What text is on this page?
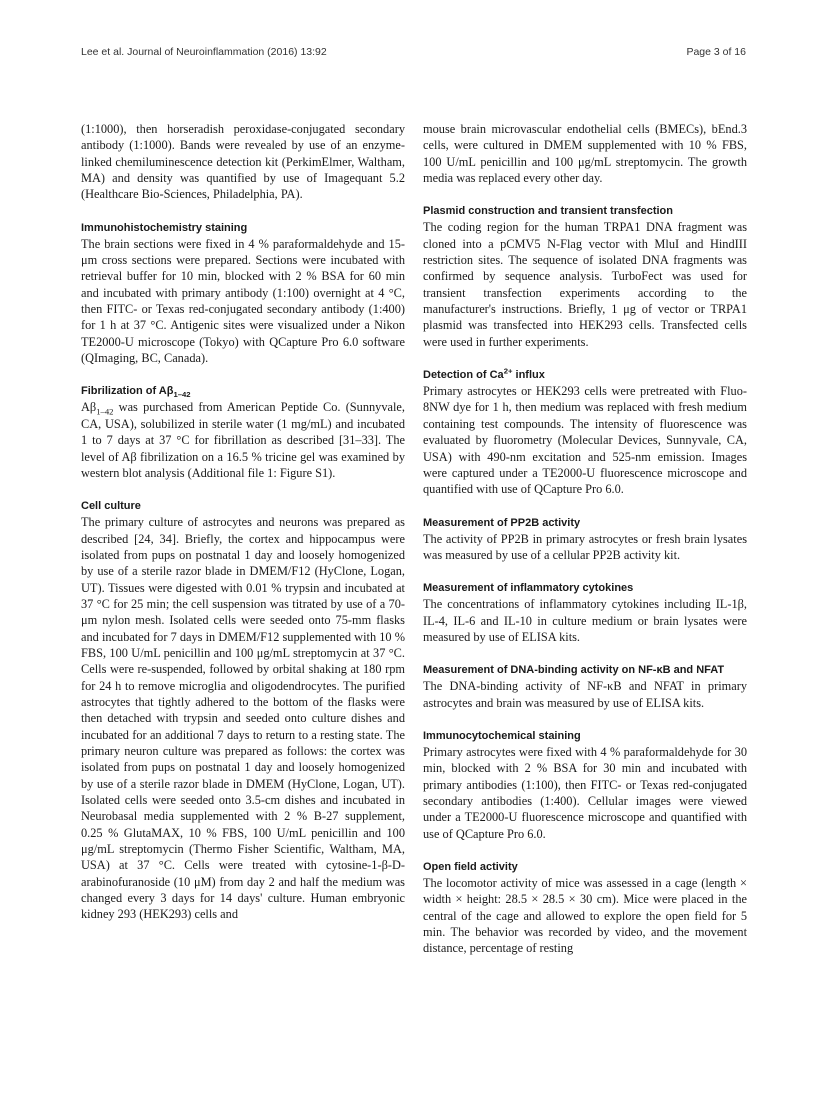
Lee et al. Journal of Neuroinflammation (2016) 13:92	Page 3 of 16

(1:1000), then horseradish peroxidase-conjugated secondary antibody (1:1000). Bands were revealed by use of an enzyme-linked chemiluminescence detection kit (PerkimElmer, Waltham, MA) and density was quantified by use of Imagequant 5.2 (Healthcare Bio-Sciences, Philadelphia, PA).

Immunohistochemistry staining

The brain sections were fixed in 4 % paraformaldehyde and 15-μm cross sections were prepared. Sections were incubated with retrieval buffer for 10 min, blocked with 2 % BSA for 60 min and incubated with primary antibody (1:100) overnight at 4 °C, then FITC- or Texas red-conjugated secondary antibody (1:400) for 1 h at 37 °C. Antigenic sites were visualized under a Nikon TE2000-U microscope (Tokyo) with QCapture Pro 6.0 software (QImaging, BC, Canada).

Fibrilization of $A\beta_{1-42}$

$A\beta_{1-42}$ was purchased from American Peptide Co. (Sunnyvale, CA, USA), solubilized in sterile water (1 mg/mL) and incubated 1 to 7 days at 37 °C for fibrillation as described [31–33]. The level of Aβ fibrilization on a 16.5 % tricine gel was examined by western blot analysis (Additional file 1: Figure S1).

Cell culture

The primary culture of astrocytes and neurons was prepared as described [24, 34]. Briefly, the cortex and hippocampus were isolated from pups on postnatal 1 day and loosely homogenized by use of a sterile razor blade in DMEM/F12 (HyClone, Logan, UT). Tissues were digested with 0.01 % trypsin and incubated at 37 °C for 25 min; the cell suspension was titrated by use of a 70-μm nylon mesh. Isolated cells were seeded onto 75-mm flasks and incubated for 7 days in DMEM/F12 supplemented with 10 % FBS, 100 U/mL penicillin and 100 μg/mL streptomycin at 37 °C. Cells were re-suspended, followed by orbital shaking at 180 rpm for 24 h to remove microglia and oligodendrocytes. The purified astrocytes that tightly adhered to the bottom of the flasks were then detached with trypsin and seeded onto culture dishes and incubated for an additional 7 days to return to a resting state. The primary neuron culture was prepared as follows: the cortex was isolated from pups on postnatal 1 day and loosely homogenized by use of a sterile razor blade in DMEM (HyClone, Logan, UT). Isolated cells were seeded onto 3.5-cm dishes and incubated in Neurobasal media supplemented with 2 % B-27 supplement, 0.25 % GlutaMAX, 10 % FBS, 100 U/mL penicillin and 100 μg/mL streptomycin (Thermo Fisher Scientific, Waltham, MA, USA) at 37 °C. Cells were treated with cytosine-1-β-D-arabinofuranoside (10 μM) from day 2 and half the medium was changed every 3 days for 14 days' culture. Human embryonic kidney 293 (HEK293) cells and

mouse brain microvascular endothelial cells (BMECs), bEnd.3 cells, were cultured in DMEM supplemented with 10 % FBS, 100 U/mL penicillin and 100 μg/mL streptomycin. The growth media was replaced every other day.

Plasmid construction and transient transfection

The coding region for the human TRPA1 DNA fragment was cloned into a pCMV5 N-Flag vector with MluI and HindIII restriction sites. The sequence of isolated DNA fragments was confirmed by sequence analysis. TurboFect was used for transient transfection experiments according to the manufacturer's instructions. Briefly, 1 μg of vector or TRPA1 plasmid was transfected into HEK293 cells. Transfected cells were used in further experiments.

Detection of $Ca^{2+}$ influx

Primary astrocytes or HEK293 cells were pretreated with Fluo-8NW dye for 1 h, then medium was replaced with fresh medium containing test compounds. The intensity of fluorescence was evaluated by fluorometry (Molecular Devices, Sunnyvale, CA, USA) with 490-nm excitation and 525-nm emission. Images were captured under a TE2000-U fluorescence microscope and quantified with use of QCapture Pro 6.0.

Measurement of PP2B activity

The activity of PP2B in primary astrocytes or fresh brain lysates was measured by use of a cellular PP2B activity kit.

Measurement of inflammatory cytokines

The concentrations of inflammatory cytokines including IL-1β, IL-4, IL-6 and IL-10 in culture medium or brain lysates were measured by use of ELISA kits.

Measurement of DNA-binding activity on NF-κB and NFAT

The DNA-binding activity of NF-κB and NFAT in primary astrocytes and brain was measured by use of ELISA kits.

Immunocytochemical staining

Primary astrocytes were fixed with 4 % paraformaldehyde for 30 min, blocked with 2 % BSA for 30 min and incubated with primary antibodies (1:100), then FITC- or Texas red-conjugated secondary antibodies (1:400). Cellular images were viewed under a TE2000-U fluorescence microscope and quantified with use of QCapture Pro 6.0.

Open field activity

The locomotor activity of mice was assessed in a cage (length × width × height: 28.5 × 28.5 × 30 cm). Mice were placed in the central of the cage and allowed to explore the open field for 5 min. The behavior was recorded by video, and the movement distance, percentage of resting
